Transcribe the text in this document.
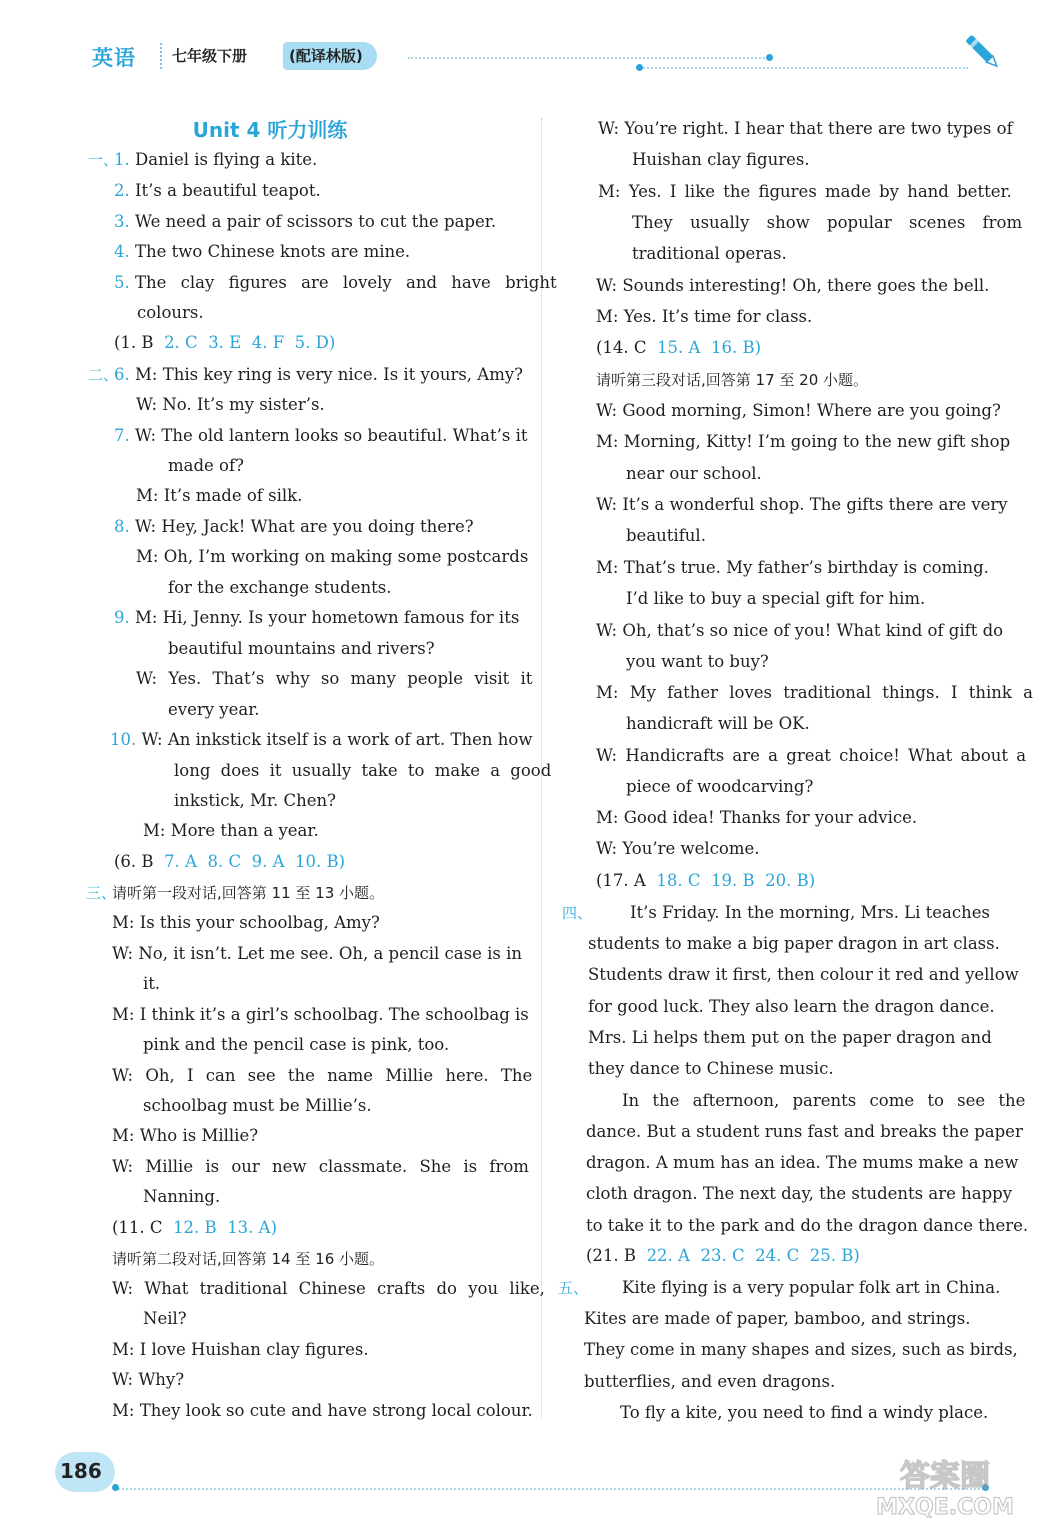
英语	七年级下册	(配译林版)
Unit 4 听力训练
一、
1. Daniel is flying a kite.
2. It’s a beautiful teapot.
3. We need a pair of scissors to cut the paper.
4. The two Chinese knots are mine.
5. The clay figures are lovely and have bright
colours.
(1. B 2. C 3. E 4. F 5. D)
二、
6. M: This key ring is very nice. Is it yours, Amy?
W: No. It’s my sister’s.
7. W: The old lantern looks so beautiful. What’s it
made of?
M: It’s made of silk.
8. W: Hey, Jack! What are you doing there?
M: Oh, I’m working on making some postcards
for the exchange students.
9. M: Hi, Jenny. Is your hometown famous for its
beautiful mountains and rivers?
W: Yes. That’s why so many people visit it
every year.
10. W: An inkstick itself is a work of art. Then how
long does it usually take to make a good
inkstick, Mr. Chen?
M: More than a year.
(6. B 7. A 8. C 9. A 10. B)
三、
请听第一段对话,回答第 11 至 13 小题。
M: Is this your schoolbag, Amy?
W: No, it isn’t. Let me see. Oh, a pencil case is in
it.
M: I think it’s a girl’s schoolbag. The schoolbag is
pink and the pencil case is pink, too.
W: Oh, I can see the name Millie here. The
schoolbag must be Millie’s.
M: Who is Millie?
W: Millie is our new classmate. She is from
Nanning.
(11. C 12. B 13. A)
请听第二段对话,回答第 14 至 16 小题。
W: What traditional Chinese crafts do you like,
Neil?
M: I love Huishan clay figures.
W: Why?
M: They look so cute and have strong local colour.
W: You’re right. I hear that there are two types of
Huishan clay figures.
M: Yes. I like the figures made by hand better.
They usually show popular scenes from
traditional operas.
W: Sounds interesting! Oh, there goes the bell.
M: Yes. It’s time for class.
(14. C 15. A 16. B)
请听第三段对话,回答第 17 至 20 小题。
W: Good morning, Simon! Where are you going?
M: Morning, Kitty! I’m going to the new gift shop
near our school.
W: It’s a wonderful shop. The gifts there are very
beautiful.
M: That’s true. My father’s birthday is coming.
I’d like to buy a special gift for him.
W: Oh, that’s so nice of you! What kind of gift do
you want to buy?
M: My father loves traditional things. I think a
handicraft will be OK.
W: Handicrafts are a great choice! What about a
piece of woodcarving?
M: Good idea! Thanks for your advice.
W: You’re welcome.
(17. A 18. C 19. B 20. B)
四、 It’s Friday. In the morning, Mrs. Li teaches
students to make a big paper dragon in art class.
Students draw it first, then colour it red and yellow
for good luck. They also learn the dragon dance.
Mrs. Li helps them put on the paper dragon and
they dance to Chinese music.
In the afternoon, parents come to see the
dance. But a student runs fast and breaks the paper
dragon. A mum has an idea. The mums make a new
cloth dragon. The next day, the students are happy
to take it to the park and do the dragon dance there.
(21. B 22. A 23. C 24. C 25. B)
五、 Kite flying is a very popular folk art in China.
Kites are made of paper, bamboo, and strings.
They come in many shapes and sizes, such as birds,
butterflies, and even dragons.
To fly a kite, you need to find a windy place.
186	答案圈
MXQE.COM
